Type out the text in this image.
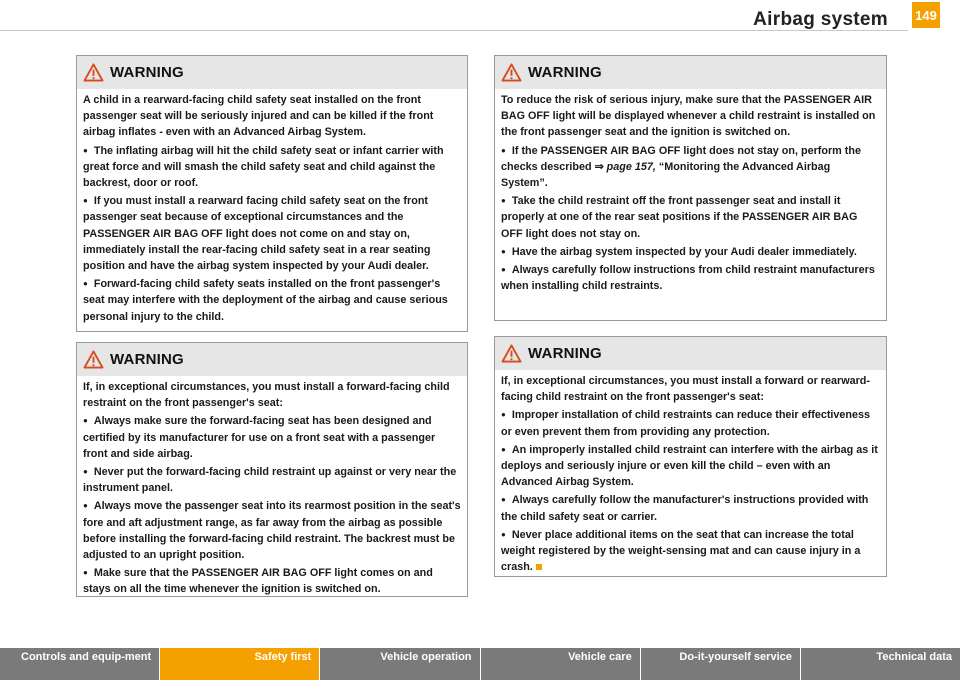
Airbag system 149
WARNING

A child in a rearward-facing child safety seat installed on the front passenger seat will be seriously injured and can be killed if the front airbag inflates - even with an Advanced Airbag System.

● The inflating airbag will hit the child safety seat or infant carrier with great force and will smash the child safety seat and child against the backrest, door or roof.

● If you must install a rearward facing child safety seat on the front passenger seat because of exceptional circumstances and the PASSENGER AIR BAG OFF light does not come on and stay on, immediately install the rear-facing child safety seat in a rear seating position and have the airbag system inspected by your Audi dealer.

● Forward-facing child safety seats installed on the front passenger's seat may interfere with the deployment of the airbag and cause serious personal injury to the child.

WARNING

If, in exceptional circumstances, you must install a forward-facing child restraint on the front passenger's seat:

● Always make sure the forward-facing seat has been designed and certified by its manufacturer for use on a front seat with a passenger front and side airbag.

● Never put the forward-facing child restraint up against or very near the instrument panel.

● Always move the passenger seat into its rearmost position in the seat's fore and aft adjustment range, as far away from the airbag as possible before installing the forward-facing child restraint. The backrest must be adjusted to an upright position.

● Make sure that the PASSENGER AIR BAG OFF light comes on and stays on all the time whenever the ignition is switched on.

WARNING

To reduce the risk of serious injury, make sure that the PASSENGER AIR BAG OFF light will be displayed whenever a child restraint is installed on the front passenger seat and the ignition is switched on.

● If the PASSENGER AIR BAG OFF light does not stay on, perform the checks described ⇒ page 157, “Monitoring the Advanced Airbag System”.

● Take the child restraint off the front passenger seat and install it properly at one of the rear seat positions if the PASSENGER AIR BAG OFF light does not stay on.

● Have the airbag system inspected by your Audi dealer immediately.

● Always carefully follow instructions from child restraint manufacturers when installing child restraints.

WARNING

If, in exceptional circumstances, you must install a forward or rearward-facing child restraint on the front passenger's seat:

● Improper installation of child restraints can reduce their effectiveness or even prevent them from providing any protection.

● An improperly installed child restraint can interfere with the airbag as it deploys and seriously injure or even kill the child – even with an Advanced Airbag System.

● Always carefully follow the manufacturer's instructions provided with the child safety seat or carrier.

● Never place additional items on the seat that can increase the total weight registered by the weight-sensing mat and can cause injury in a crash.

Controls and equip-ment	Safety first	Vehicle operation	Vehicle care	Do-it-yourself service	Technical data
